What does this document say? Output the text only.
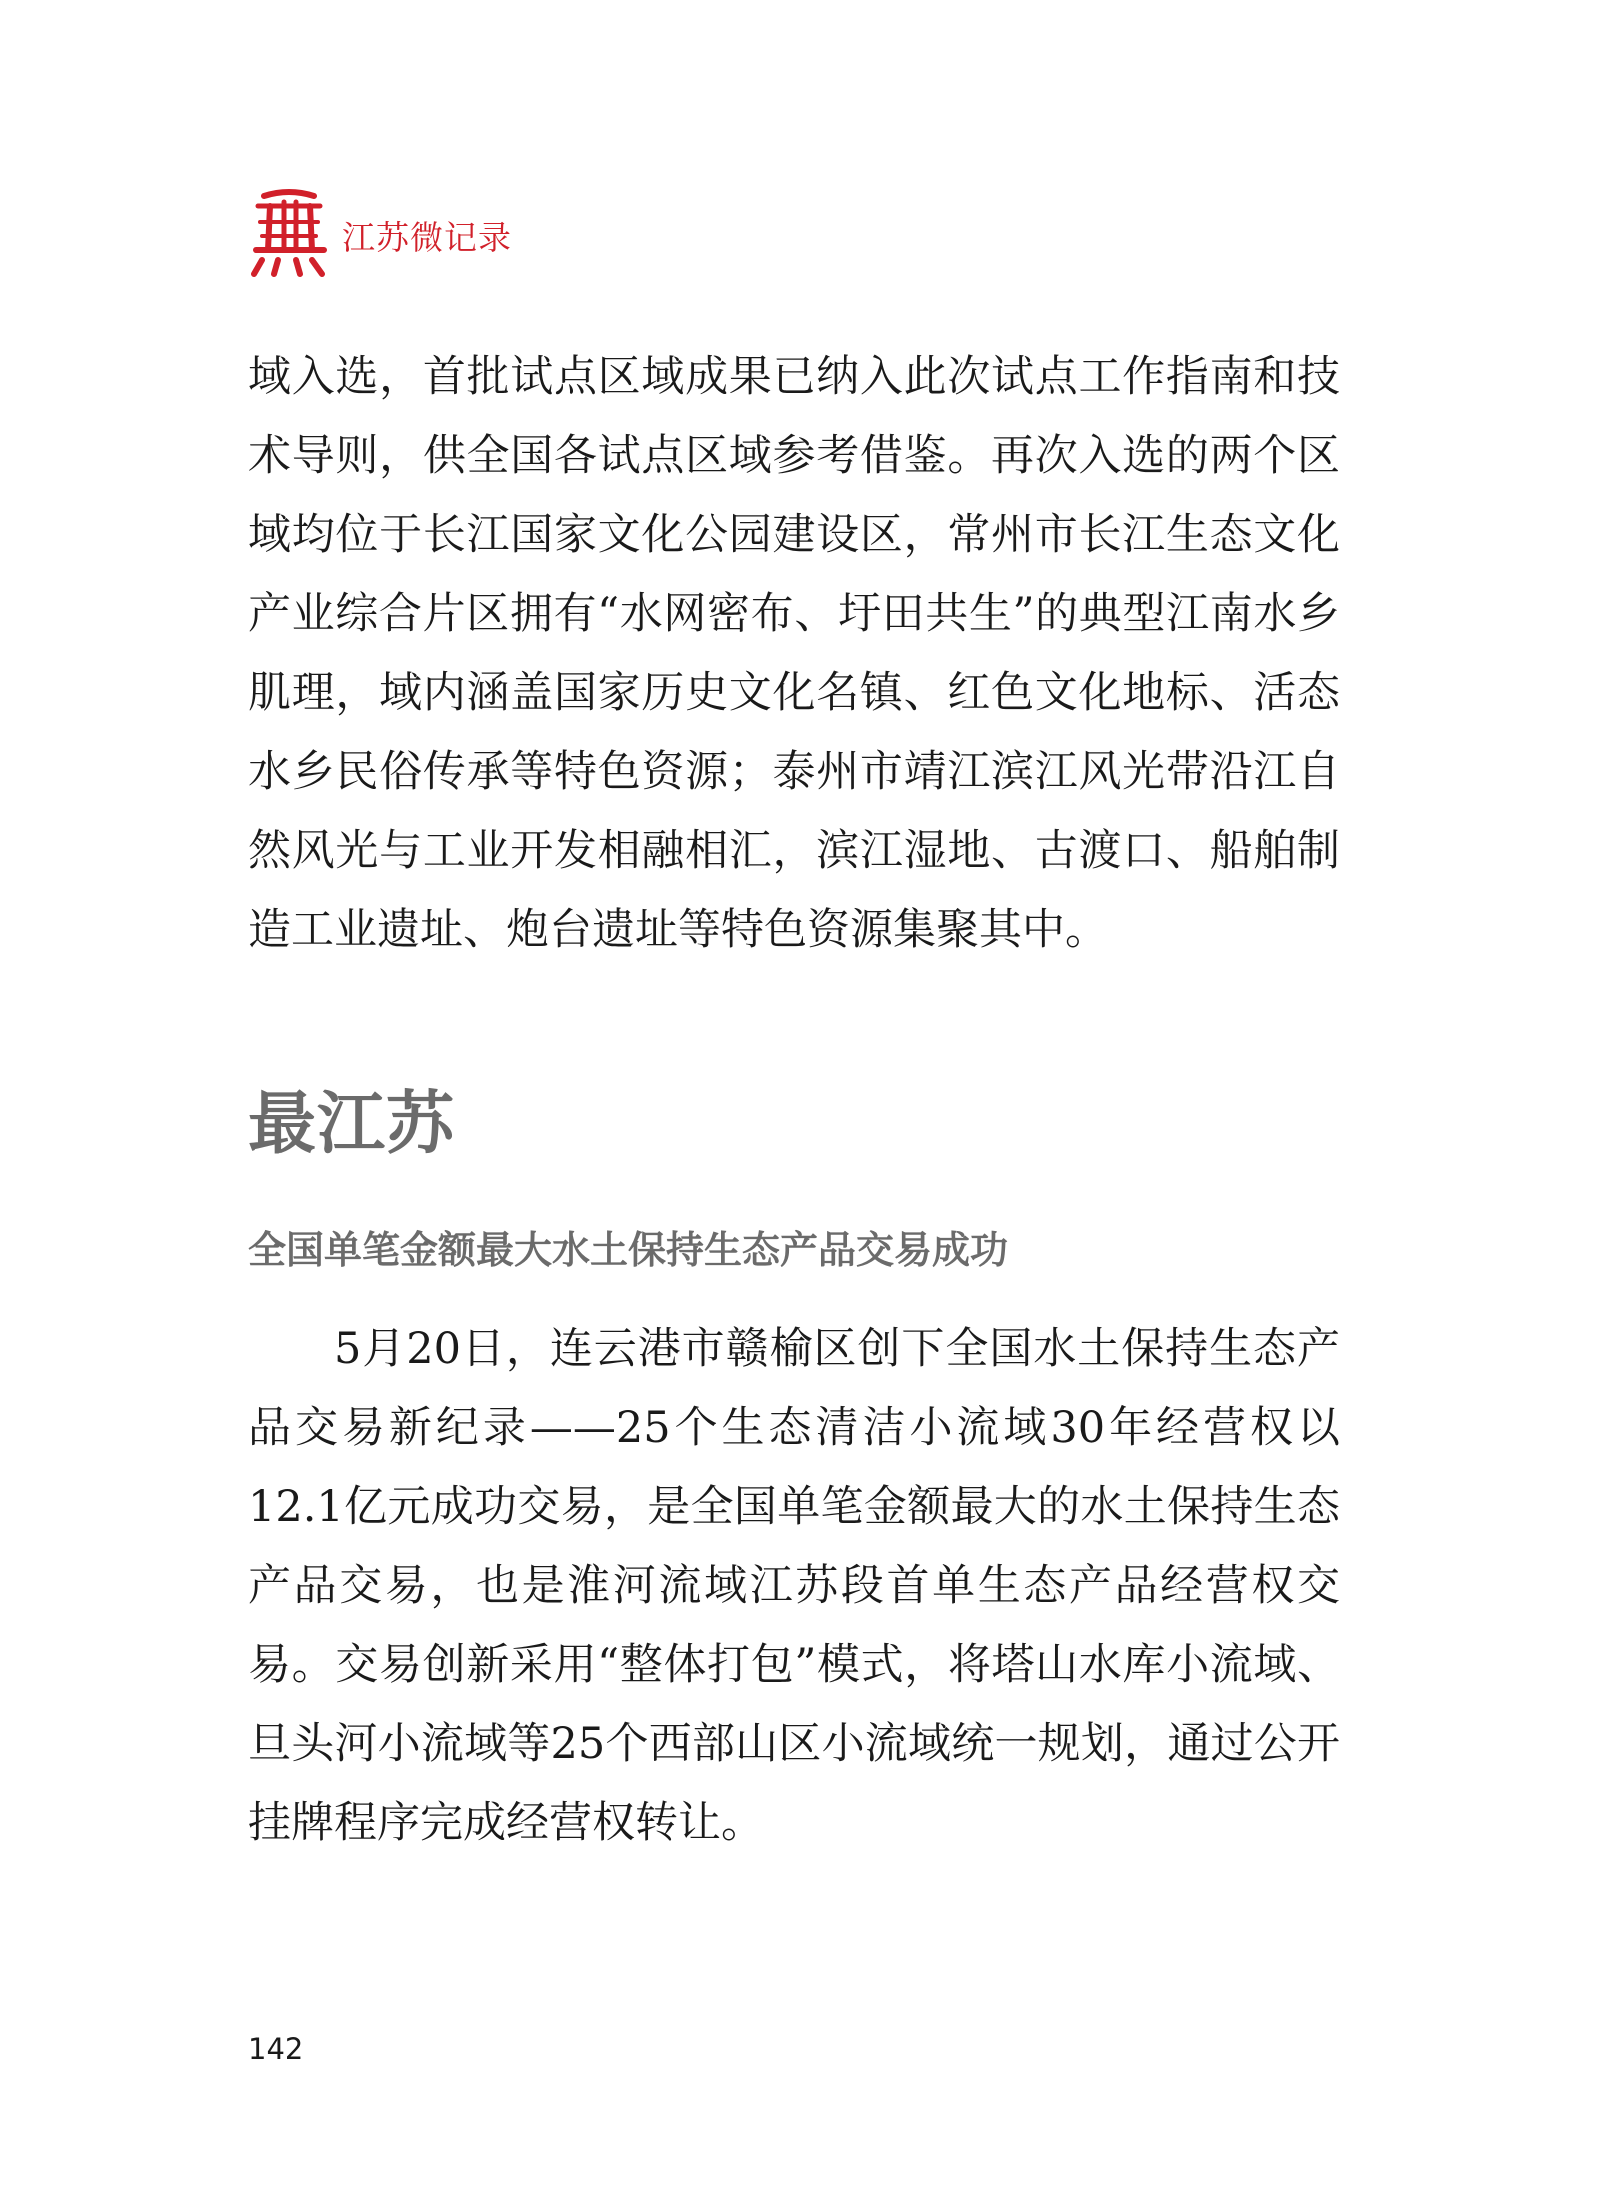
江苏微记录

域入选，首批试点区域成果已纳入此次试点工作指南和技术导则，供全国各试点区域参考借鉴。再次入选的两个区域均位于长江国家文化公园建设区，常州市长江生态文化产业综合片区拥有“水网密布、圩田共生”的典型江南水乡肌理，域内涵盖国家历史文化名镇、红色文化地标、活态水乡民俗传承等特色资源；泰州市靖江滨江风光带沿江自然风光与工业开发相融相汇，滨江湿地、古渡口、船舶制造工业遗址、炮台遗址等特色资源集聚其中。

最江苏
全国单笔金额最大水土保持生态产品交易成功

5月20日，连云港市赣榆区创下全国水土保持生态产品交易新纪录——25个生态清洁小流域30年经营权以12.1亿元成功交易，是全国单笔金额最大的水土保持生态产品交易，也是淮河流域江苏段首单生态产品经营权交易。交易创新采用“整体打包”模式，将塔山水库小流域、旦头河小流域等25个西部山区小流域统一规划，通过公开挂牌程序完成经营权转让。

142
